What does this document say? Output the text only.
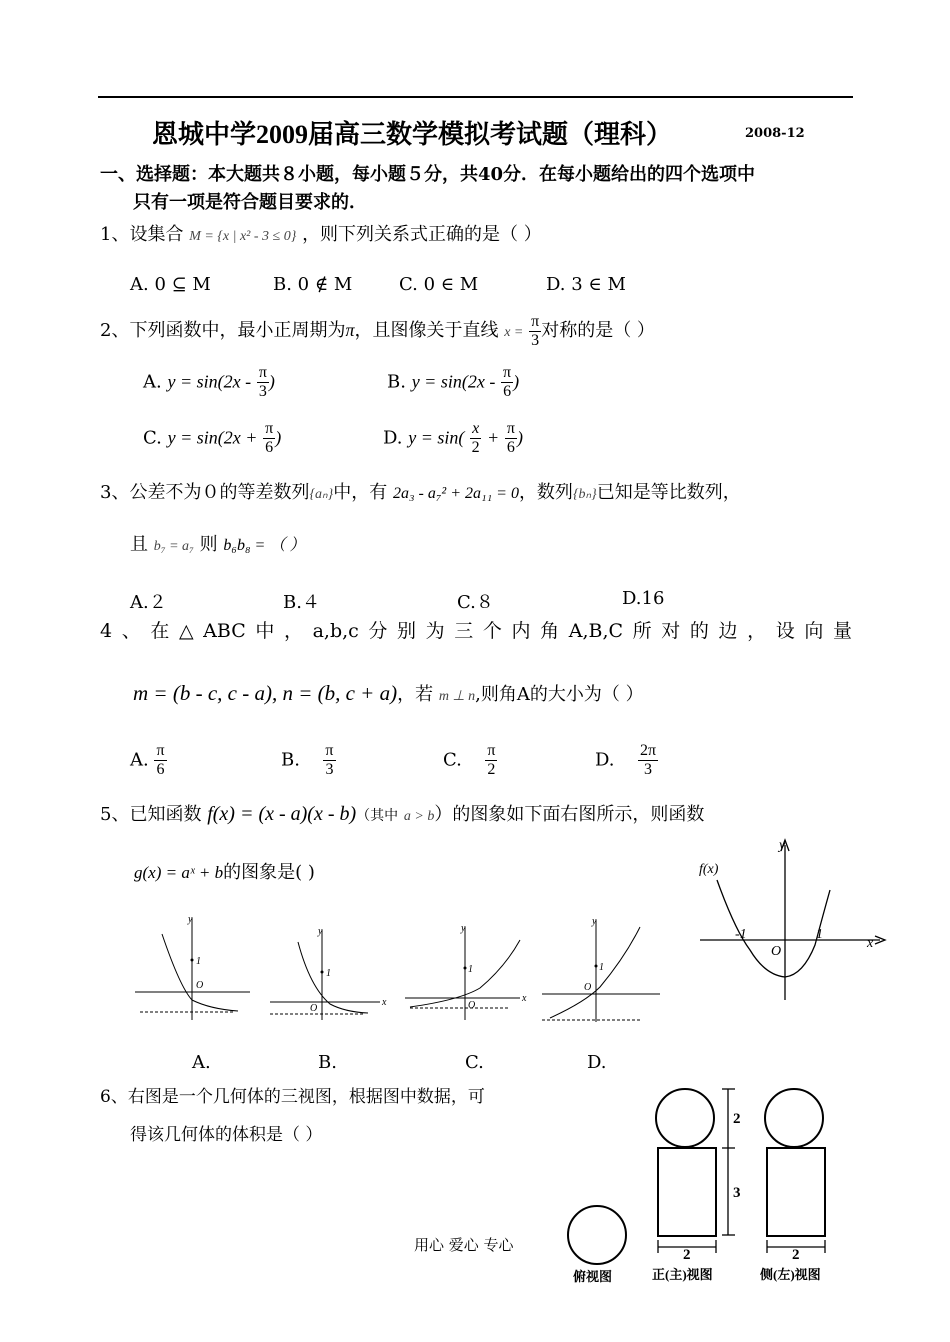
恩城中学2009届高三数学模拟考试题（理科）	2008-12
一、选择题：本大题共８小题，每小题５分，共40分．在每小题给出的四个选项中
只有一项是符合题目要求的．
1、设集合 M = {x | x² - 3 ≤ 0} ，则下列关系式正确的是（ ）
A. 0 ⊆ M	B. 0 ∉ M	C. 0 ∈ M	D. 3 ∈ M
2、下列函数中，最小正周期为π，且图像关于直线 $x = \frac{\pi}{3}$ 对称的是（ ）
A. $y = \sin(2x - \frac{\pi}{3}$ )	B. $y = \sin(2x - \frac{\pi}{6}$ )
C. $y = \sin(2x + \frac{\pi}{6}$ )	D. $y = \sin( \frac{x}{2} + \frac{\pi}{6}$ )
3、公差不为０的等差数列{aₙ}中，有 2a₃ - a₇² + 2a₁₁ = 0，数列{bₙ}已知是等比数列，
且 b₇ = a₇ 则 b₆b₈ = （ ）
A.２	B.４	C.８	D.16
4、在△ABC中，a,b,c分别为三个内角A,B,C所对的边，设向量
m = (b - c, c - a), n = (b, c + a)，若 m ⊥ n,则角A的大小为（ ）
A. $\frac{\pi}{6}$	B. $\frac{\pi}{3}$	C. $\frac{\pi}{2}$	D. $\frac{2\pi}{3}$
5、已知函数 f(x) = (x - a)(x - b)（其中 a > b）的图象如下面右图所示，则函数
g(x) = aˣ + b的图象是( )
y
1
O
y
1
O
x
y
1
O
x
y
1
O
A.	B.	C.	D.
f(x)
y
x
-1	1
O
6、右图是一个几何体的三视图，根据图中数据，可
得该几何体的体积是（ ）
2
3
2	2
俯视图	正(主)视图	侧(左)视图
用心 爱心 专心
